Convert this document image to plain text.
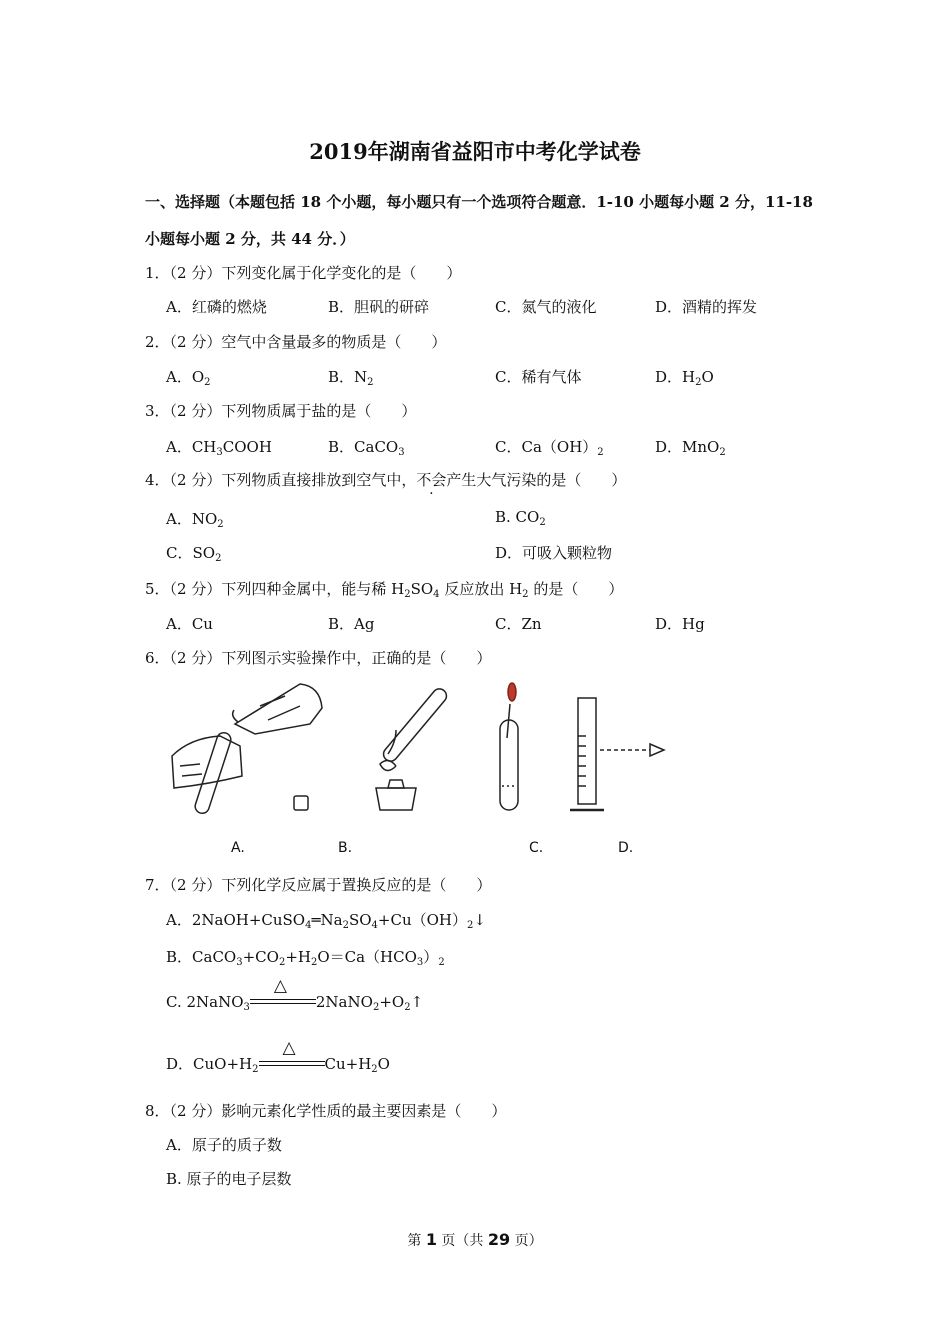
2019年湖南省益阳市中考化学试卷
一、选择题（本题包括 18 个小题，每小题只有一个选项符合题意．1-10 小题每小题 2 分，11-18
小题每小题 2 分，共 44 分．）
1．（2 分）下列变化属于化学变化的是（　　）
A．红磷的燃烧	B．胆矾的研碎	C．氮气的液化	D．酒精的挥发
2．（2 分）空气中含量最多的物质是（　　）
A．$O_2$	B．$N_2$	C．稀有气体	D．$H_2O$
3．（2 分）下列物质属于盐的是（　　）
A．$CH_3COOH$	B．CaCO$_3$	C．$Ca(OH)_2$	D．MnO$_2$
4．（2 分）下列物质直接排放到空气中，不会产生大气污染的是（　　）
A．$NO_2$	B. $CO_2$
C．$SO_2$	D．可吸入颗粒物
5．（2 分）下列四种金属中，能与稀 $H_2SO_4$ 反应放出 $H_2$ 的是（　　）
A．Cu	B．Ag	C．Zn	D．Hg
6．（2 分）下列图示实验操作中，正确的是（　　）
A.	B.	C.	D.
7．（2 分）下列化学反应属于置换反应的是（　　）
A．$2NaOH+CuSO_4═Na_2SO_4+Cu(OH)_2↓$
B．$CaCO_3+CO_2+H_2O=Ca(HCO_3)_2$
C. 2NaNO$_3$
△
$2NaNO_2+O_2↑$
D．$CuO+H_2$
△
$Cu+H_2O$
8．（2 分）影响元素化学性质的最主要因素是（　　）
A．原子的质子数
B. 原子的电子层数
第 1 页（共 29 页）
